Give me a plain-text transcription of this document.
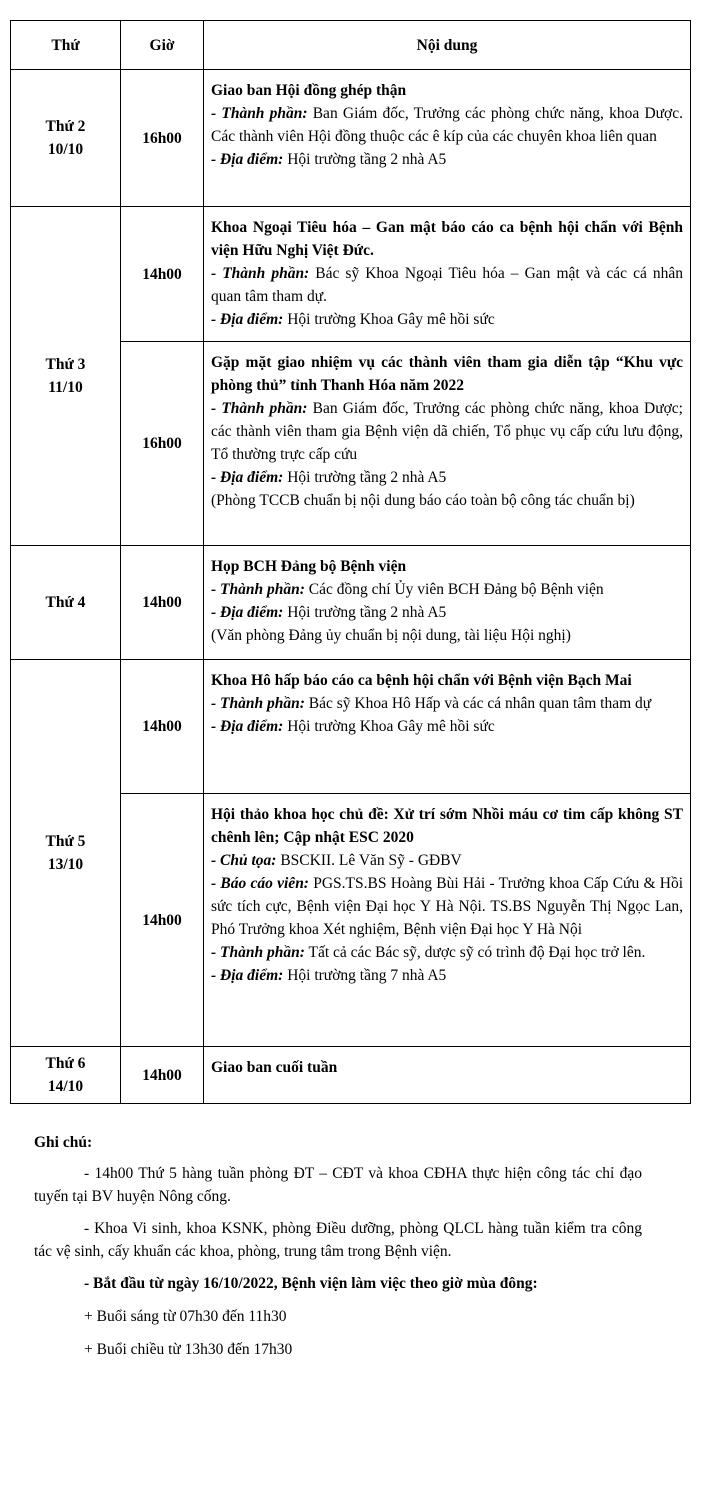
Thứ	Giờ	Nội dung

Thứ 2
10/10	16h00	Giao ban Hội đồng ghép thận
- Thành phần: Ban Giám đốc, Trưởng các phòng chức năng, khoa Dược. Các thành viên Hội đồng thuộc các ê kíp của các chuyên khoa liên quan
- Địa điểm: Hội trường tầng 2 nhà A5

Thứ 3
11/10	14h00	Khoa Ngoại Tiêu hóa – Gan mật báo cáo ca bệnh hội chẩn với Bệnh viện Hữu Nghị Việt Đức.
- Thành phần: Bác sỹ Khoa Ngoại Tiêu hóa – Gan mật và các cá nhân quan tâm tham dự.
- Địa điểm: Hội trường Khoa Gây mê hồi sức

	16h00	Gặp mặt giao nhiệm vụ các thành viên tham gia diễn tập “Khu vực phòng thủ” tỉnh Thanh Hóa năm 2022
- Thành phần: Ban Giám đốc, Trưởng các phòng chức năng, khoa Dược; các thành viên tham gia Bệnh viện dã chiến, Tổ phục vụ cấp cứu lưu động, Tổ thường trực cấp cứu
- Địa điểm: Hội trường tầng 2 nhà A5
(Phòng TCCB chuẩn bị nội dung báo cáo toàn bộ công tác chuẩn bị)

Thứ 4	14h00	Họp BCH Đảng bộ Bệnh viện
- Thành phần: Các đồng chí Ủy viên BCH Đảng bộ Bệnh viện
- Địa điểm: Hội trường tầng 2 nhà A5
(Văn phòng Đảng ủy chuẩn bị nội dung, tài liệu Hội nghị)

Thứ 5
13/10	14h00	Khoa Hô hấp báo cáo ca bệnh hội chẩn với Bệnh viện Bạch Mai
- Thành phần: Bác sỹ Khoa Hô Hấp và các cá nhân quan tâm tham dự
- Địa điểm: Hội trường Khoa Gây mê hồi sức

	14h00	Hội thảo khoa học chủ đề: Xử trí sớm Nhồi máu cơ tim cấp không ST chênh lên; Cập nhật ESC 2020
- Chủ tọa: BSCKII. Lê Văn Sỹ - GĐBV
- Báo cáo viên: PGS.TS.BS Hoàng Bùi Hải - Trưởng khoa Cấp Cứu & Hồi sức tích cực, Bệnh viện Đại học Y Hà Nội. TS.BS Nguyễn Thị Ngọc Lan, Phó Trưởng khoa Xét nghiệm, Bệnh viện Đại học Y Hà Nội
- Thành phần: Tất cả các Bác sỹ, dược sỹ có trình độ Đại học trở lên.
- Địa điểm: Hội trường tầng 7 nhà A5

Thứ 6
14/10	14h00	Giao ban cuối tuần

Ghi chú:

- 14h00 Thứ 5 hàng tuần phòng ĐT – CĐT và khoa CĐHA thực hiện công tác chỉ đạo tuyến tại BV huyện Nông cống.

- Khoa Vi sinh, khoa KSNK, phòng Điều dưỡng, phòng QLCL hàng tuần kiểm tra công tác vệ sinh, cấy khuẩn các khoa, phòng, trung tâm trong Bệnh viện.

- Bắt đầu từ ngày 16/10/2022, Bệnh viện làm việc theo giờ mùa đông:

+ Buổi sáng từ 07h30 đến 11h30

+ Buổi chiều từ 13h30 đến 17h30
